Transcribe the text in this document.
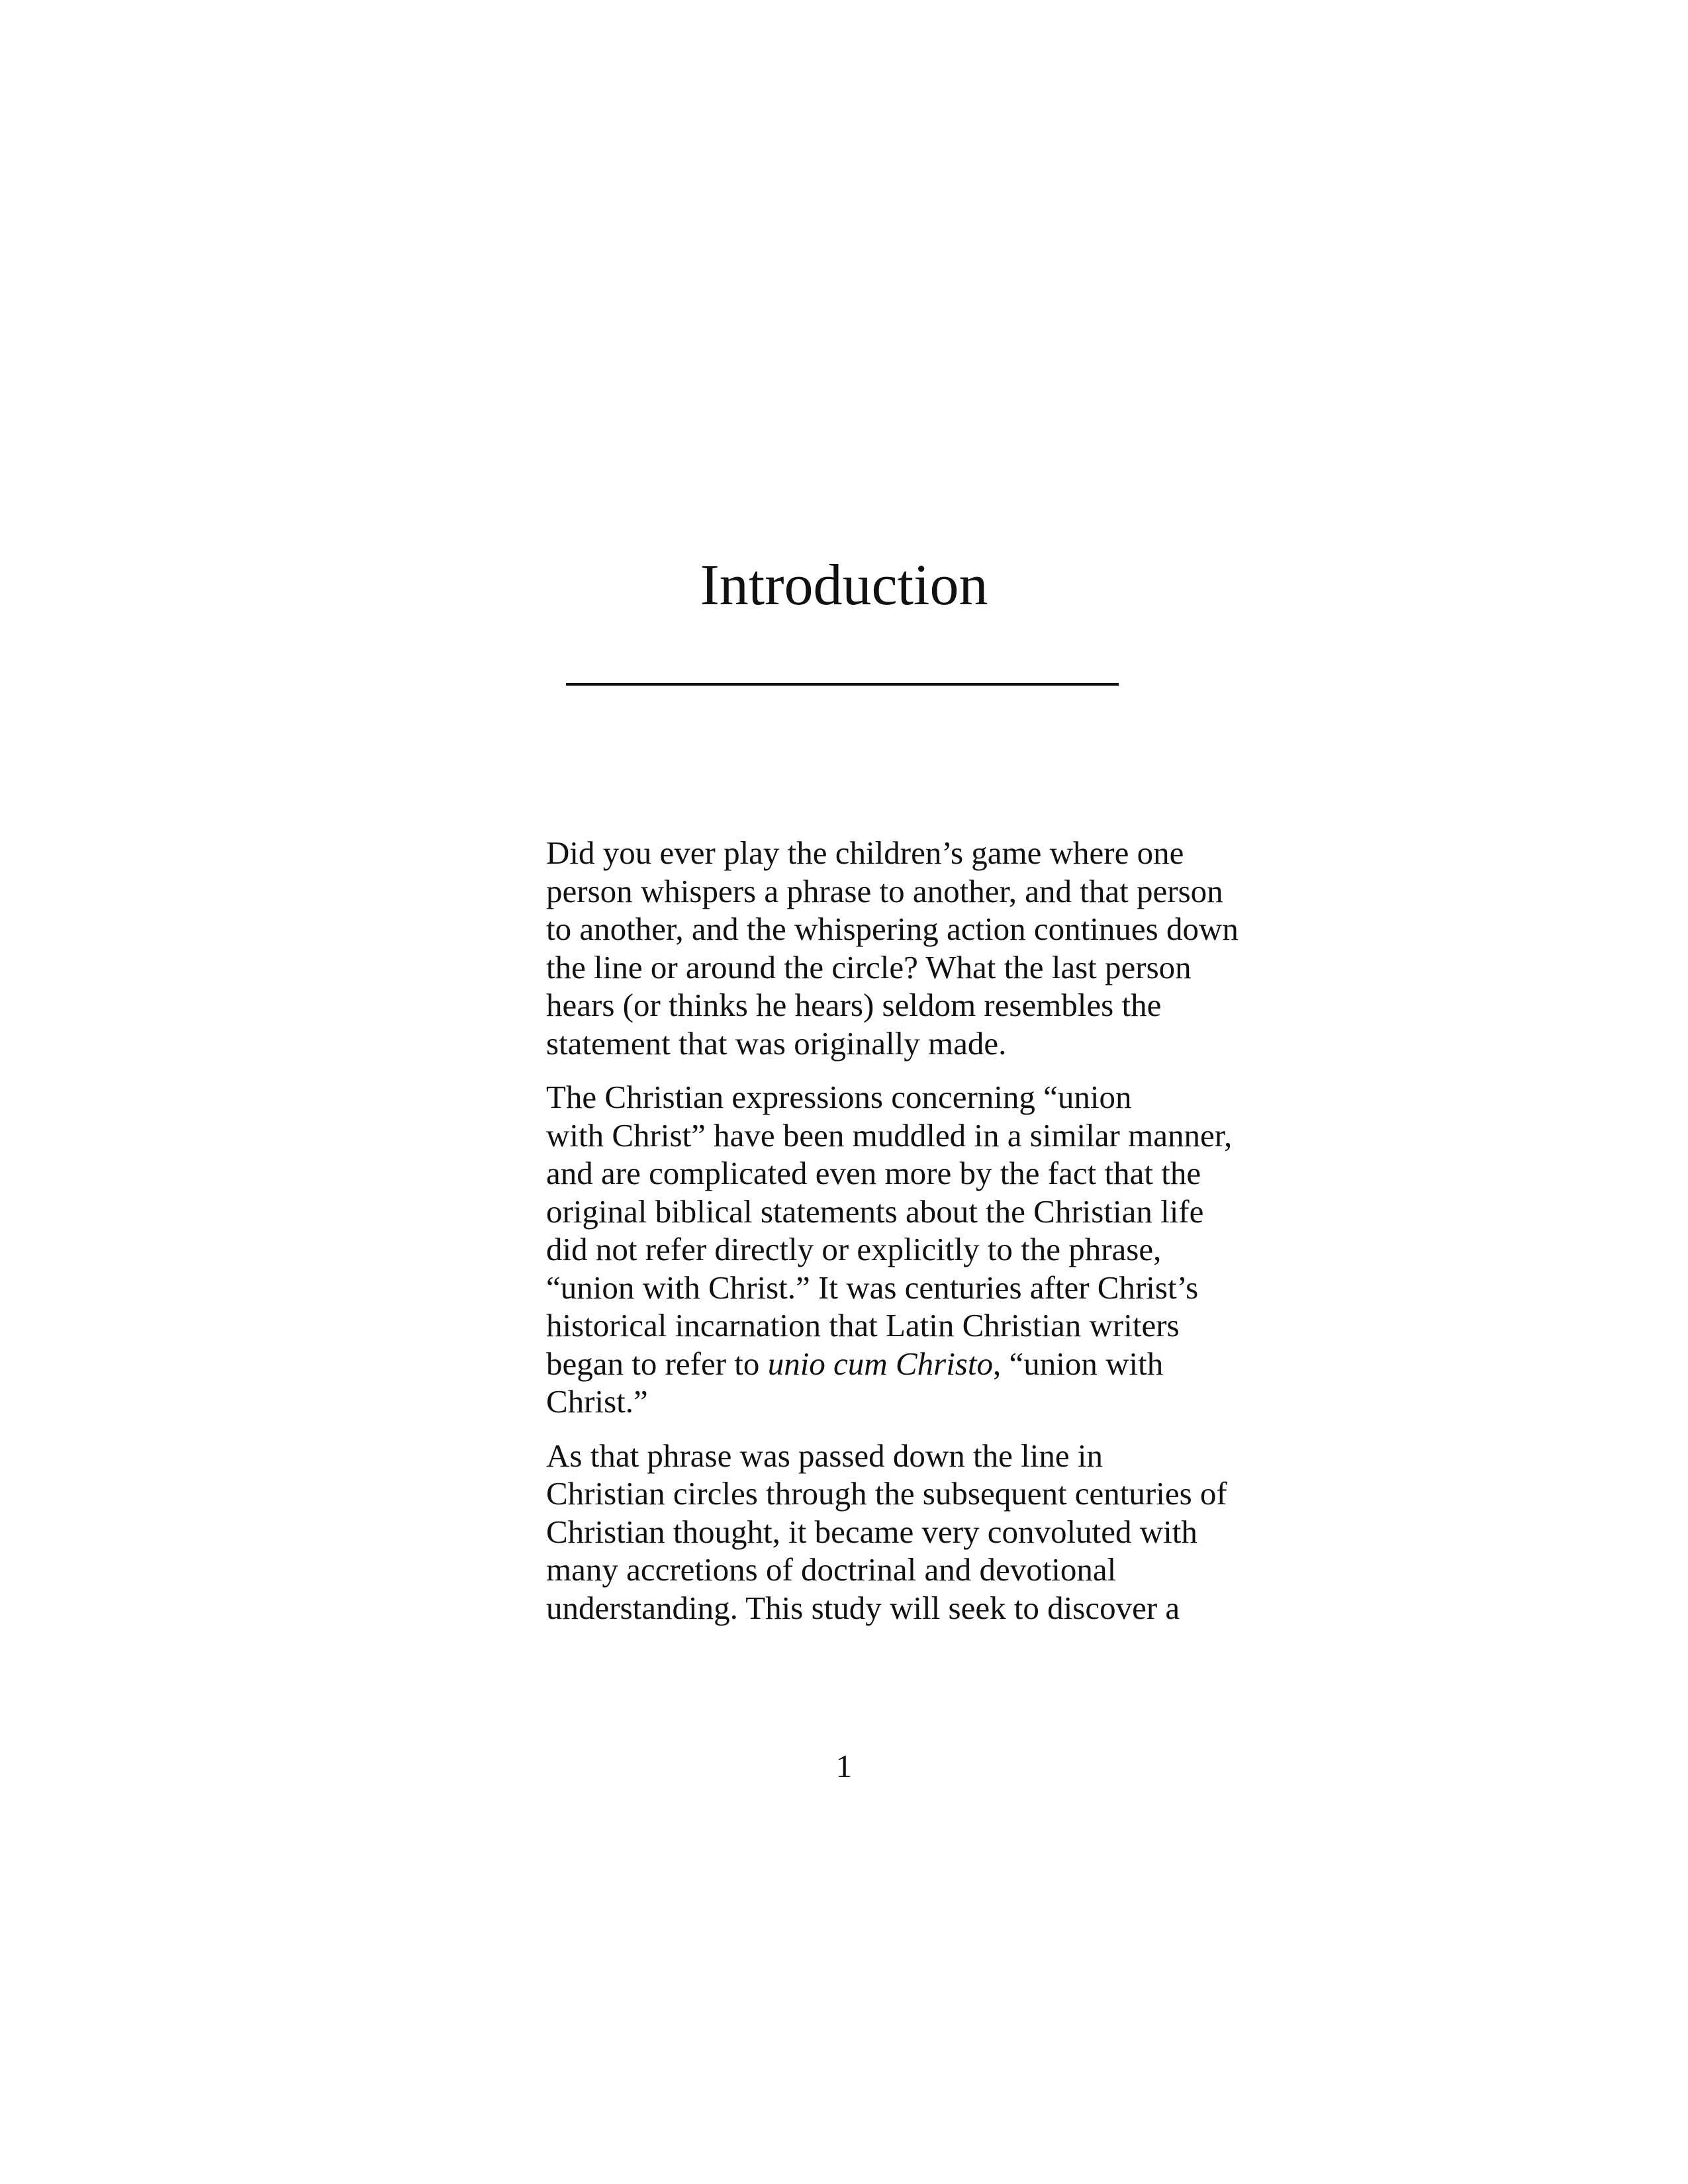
Introduction

Did you ever play the children’s game where one
person whispers a phrase to another, and that person
to another, and the whispering action continues down
the line or around the circle? What the last person
hears (or thinks he hears) seldom resembles the
statement that was originally made.

The Christian expressions concerning “union
with Christ” have been muddled in a similar manner,
and are complicated even more by the fact that the
original biblical statements about the Christian life
did not refer directly or explicitly to the phrase,
“union with Christ.” It was centuries after Christ’s
historical incarnation that Latin Christian writers
began to refer to unio cum Christo, “union with
Christ.”

As that phrase was passed down the line in
Christian circles through the subsequent centuries of
Christian thought, it became very convoluted with
many accretions of doctrinal and devotional
understanding. This study will seek to discover a

1
